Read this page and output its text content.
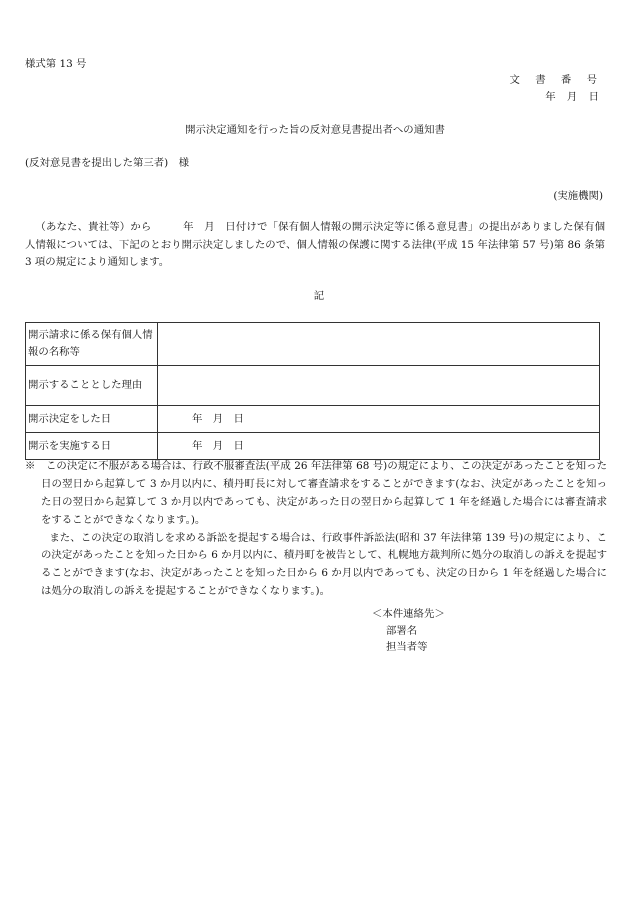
様式第 13 号
文 書 番 号
年 月 日
開示決定通知を行った旨の反対意見書提出者への通知書
(反対意見書を提出した第三者)　様
(実施機関)
（あなた、貴社等）から　　　年　月　日付けで「保有個人情報の開示決定等に係る意見書」の提出がありました保有個人情報については、下記のとおり開示決定しましたので、個人情報の保護に関する法律(平成 15 年法律第 57 号)第 86 条第 3 項の規定により通知します。
記
開示請求に係る保有個人情報の名称等	
開示することとした理由	
開示決定をした日	年　月　日
開示を実施する日	年　月　日
※　この決定に不服がある場合は、行政不服審査法(平成 26 年法律第 68 号)の規定により、この決定があったことを知った日の翌日から起算して 3 か月以内に、積丹町長に対して審査請求をすることができます(なお、決定があったことを知った日の翌日から起算して 3 か月以内であっても、決定があった日の翌日から起算して 1 年を経過した場合には審査請求をすることができなくなります。)。
また、この決定の取消しを求める訴訟を提起する場合は、行政事件訴訟法(昭和 37 年法律第 139 号)の規定により、この決定があったことを知った日から 6 か月以内に、積丹町を被告として、札幌地方裁判所に処分の取消しの訴えを提起することができます(なお、決定があったことを知った日から 6 か月以内であっても、決定の日から 1 年を経過した場合には処分の取消しの訴えを提起することができなくなります。)。
＜本件連絡先＞
部署名
担当者等
